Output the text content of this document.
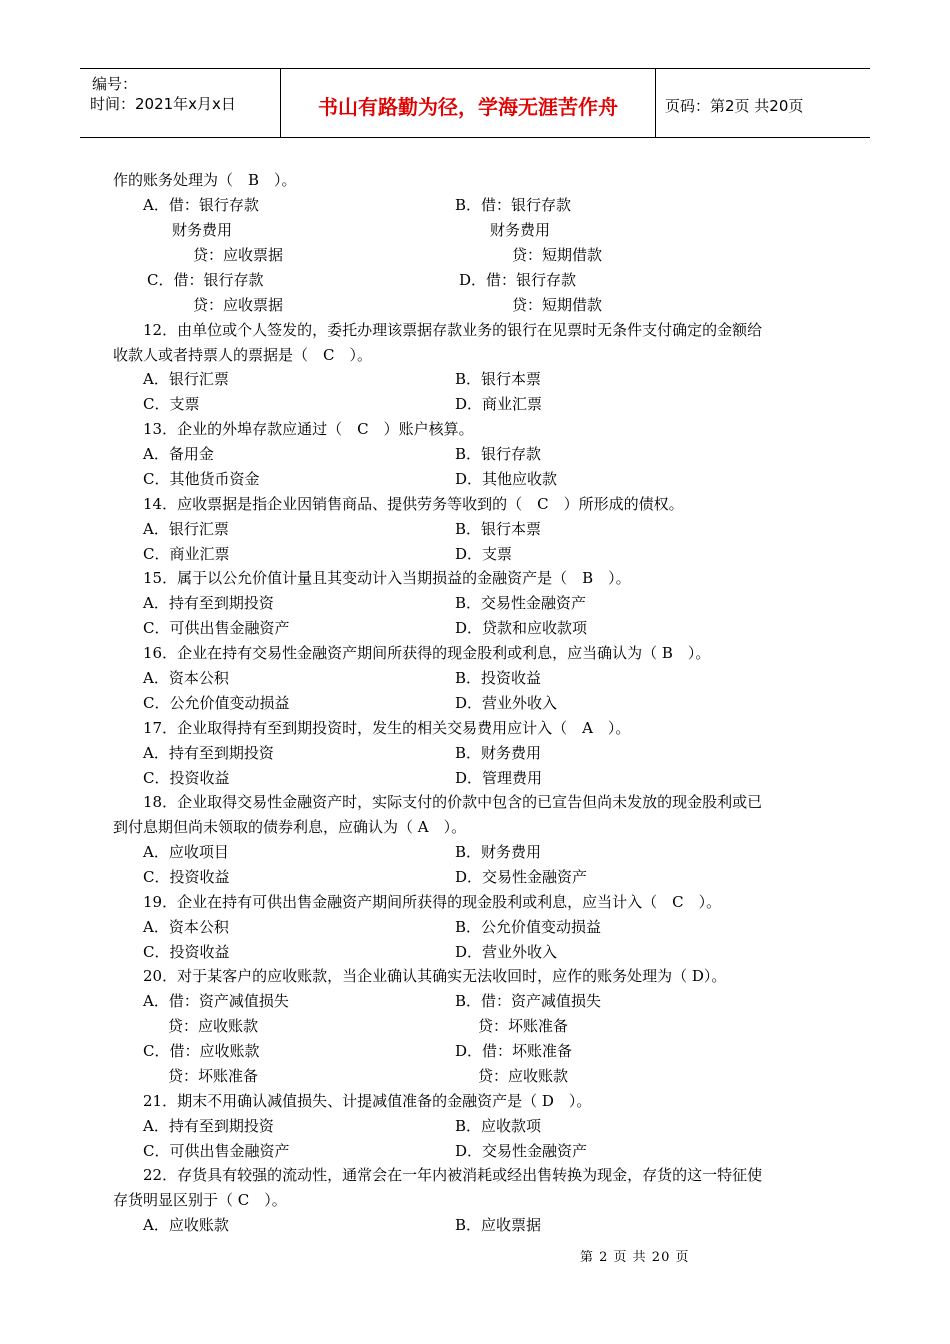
编号：
时间：2021年x月x日	书山有路勤为径，学海无涯苦作舟	页码：第2页 共20页
作的账务处理为（　B　）。
A．借：银行存款	B．借：银行存款
财务费用	财务费用
贷：应收票据	贷：短期借款
C．借：银行存款	D．借：银行存款
贷：应收票据	贷：短期借款
12．由单位或个人签发的，委托办理该票据存款业务的银行在见票时无条件支付确定的金额给
收款人或者持票人的票据是（　C　）。
A．银行汇票	B．银行本票
C．支票	D．商业汇票
13．企业的外埠存款应通过（　C　）账户核算。
A．备用金	B．银行存款
C．其他货币资金	D．其他应收款
14．应收票据是指企业因销售商品、提供劳务等收到的（　C　）所形成的债权。
A．银行汇票	B．银行本票
C．商业汇票	D．支票
15．属于以公允价值计量且其变动计入当期损益的金融资产是（　B　）。
A．持有至到期投资	B．交易性金融资产
C．可供出售金融资产	D．贷款和应收款项
16．企业在持有交易性金融资产期间所获得的现金股利或利息，应当确认为（ B　）。
A．资本公积	B．投资收益
C．公允价值变动损益	D．营业外收入
17．企业取得持有至到期投资时，发生的相关交易费用应计入（　A　）。
A．持有至到期投资	B．财务费用
C．投资收益	D．管理费用
18．企业取得交易性金融资产时，实际支付的价款中包含的已宣告但尚未发放的现金股利或已
到付息期但尚未领取的债券利息，应确认为（ A　）。
A．应收项目	B．财务费用
C．投资收益	D．交易性金融资产
19．企业在持有可供出售金融资产期间所获得的现金股利或利息，应当计入（　C　）。
A．资本公积	B．公允价值变动损益
C．投资收益	D．营业外收入
20．对于某客户的应收账款，当企业确认其确实无法收回时，应作的账务处理为（ D）。
A．借：资产减值损失	B．借：资产减值损失
贷：应收账款	贷：坏账准备
C．借：应收账款	D．借：坏账准备
贷：坏账准备	贷：应收账款
21．期末不用确认减值损失、计提减值准备的金融资产是（ D　）。
A．持有至到期投资	B．应收款项
C．可供出售金融资产	D．交易性金融资产
22．存货具有较强的流动性，通常会在一年内被消耗或经出售转换为现金，存货的这一特征使
存货明显区别于（ C　）。
A．应收账款	B．应收票据
第 2 页 共 20 页
